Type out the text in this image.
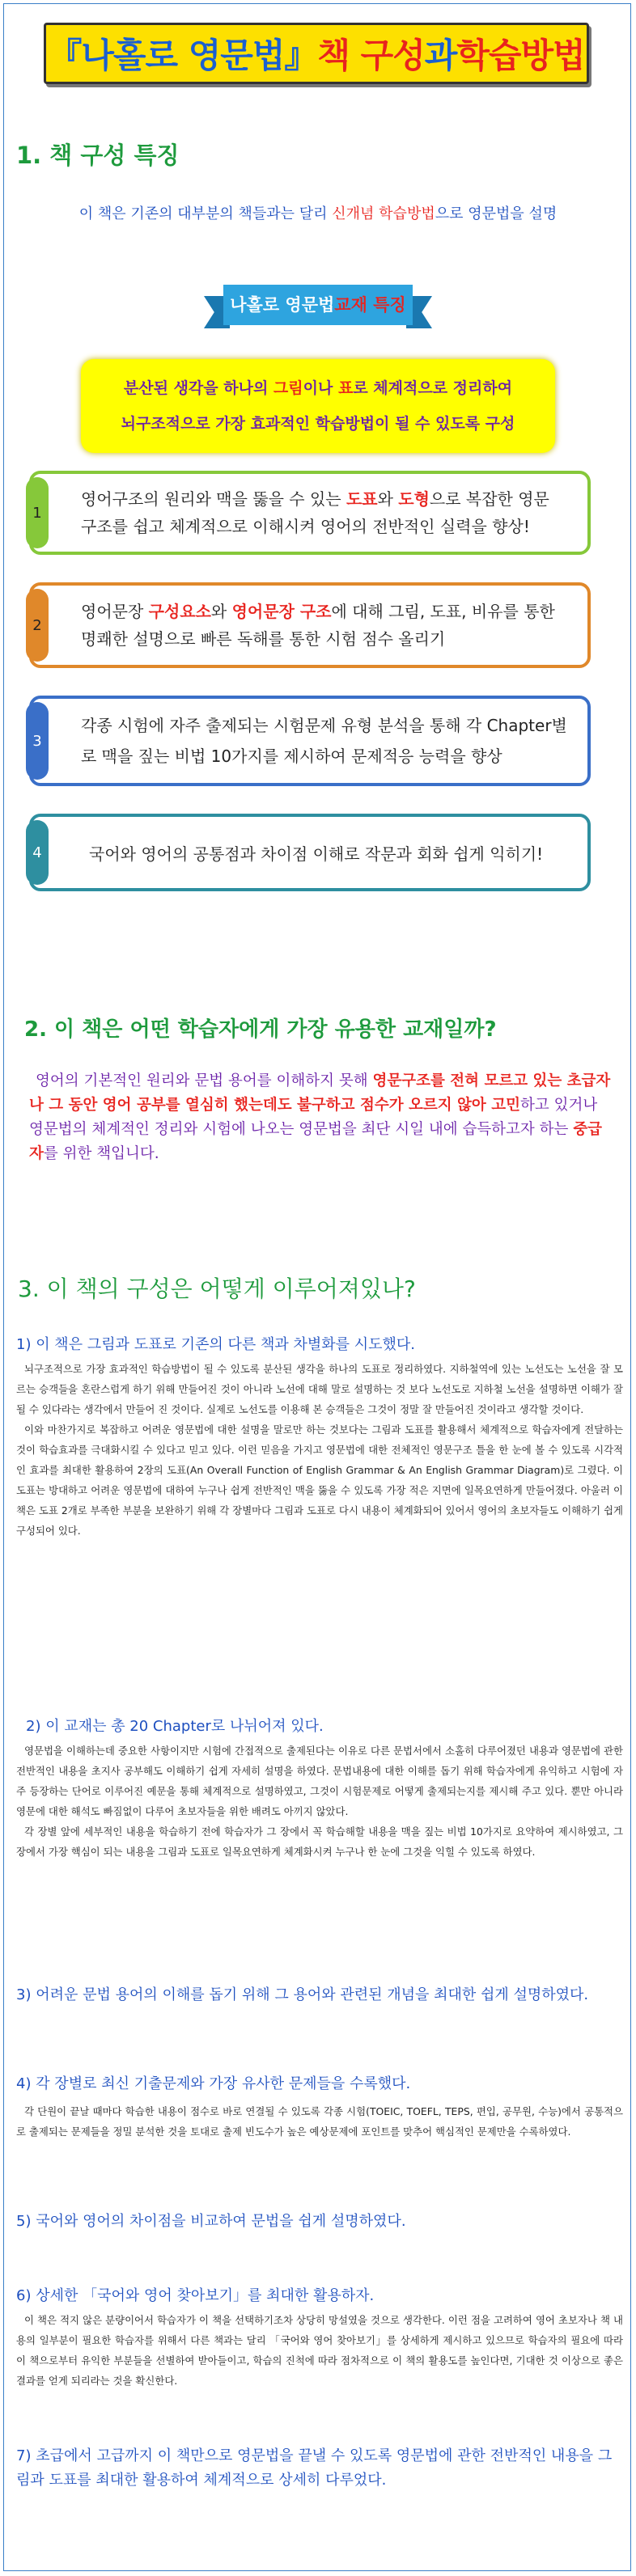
『나홀로 영문법』 책 구성 과 학습방법
1. 책 구성 특징
이 책은 기존의 대부분의 책들과는 달리 신개념 학습방법으로 영문법을 설명
나홀로 영문법 교재 특징
분산된 생각을 하나의 그림이나 표로 체계적으로 정리하여
뇌구조적으로 가장 효과적인 학습방법이 될 수 있도록 구성
영어구조의 원리와 맥을 뚫을 수 있는 도표와 도형으로 복잡한 영문 구조를 쉽고 체계적으로 이해시켜 영어의 전반적인 실력을 향상!
1
영어문장 구성요소와 영어문장 구조에 대해 그림, 도표, 비유를 통한 명쾌한 설명으로 빠른 독해를 통한 시험 점수 올리기
2
각종 시험에 자주 출제되는 시험문제 유형 분석을 통해 각 Chapter별로 맥을 짚는 비법 10가지를 제시하여 문제적응 능력을 향상
3
국어와 영어의 공통점과 차이점 이해로 작문과 회화 쉽게 익히기!
4
2. 이 책은 어떤 학습자에게 가장 유용한 교재일까?
영어의 기본적인 원리와 문법 용어를 이해하지 못해 영문구조를 전혀 모르고 있는 초급자나 그 동안 영어 공부를 열심히 했는데도 불구하고 점수가 오르지 않아 고민하고 있거나 영문법의 체계적인 정리와 시험에 나오는 영문법을 최단 시일 내에 습득하고자 하는 중급자를 위한 책입니다.
3. 이 책의 구성은 어떻게 이루어져있나?
1) 이 책은 그림과 도표로 기존의 다른 책과 차별화를 시도했다.

뇌구조적으로 가장 효과적인 학습방법이 될 수 있도록 분산된 생각을 하나의 도표로 정리하였다. 지하철역에 있는 노선도는 노선을 잘 모르는 승객들을 혼란스럽게 하기 위해 만들어진 것이 아니라 노선에 대해 말로 설명하는 것 보다 노선도로 지하철 노선을 설명하면 이해가 잘 될 수 있다라는 생각에서 만들어 진 것이다. 실제로 노선도를 이용해 본 승객들은 그것이 정말 잘 만들어진 것이라고 생각할 것이다.

이와 마찬가지로 복잡하고 어려운 영문법에 대한 설명을 말로만 하는 것보다는 그림과 도표를 활용해서 체계적으로 학습자에게 전달하는 것이 학습효과를 극대화시킬 수 있다고 믿고 있다. 이런 믿음을 가지고 영문법에 대한 전체적인 영문구조 틀을 한 눈에 볼 수 있도록 시각적인 효과를 최대한 활용하여 2장의 도표(An Overall Function of English Grammar & An English Grammar Diagram)로 그렸다. 이 도표는 방대하고 어려운 영문법에 대하여 누구나 쉽게 전반적인 맥을 뚫을 수 있도록 가장 적은 지면에 일목요연하게 만들어졌다. 아울러 이 책은 도표 2개로 부족한 부분을 보완하기 위해 각 장별마다 그림과 도표로 다시 내용이 체계화되어 있어서 영어의 초보자들도 이해하기 쉽게 구성되어 있다.

2) 이 교재는 총 20 Chapter로 나뉘어져 있다.

영문법을 이해하는데 중요한 사항이지만 시험에 간접적으로 출제된다는 이유로 다른 문법서에서 소홀히 다루어졌던 내용과 영문법에 관한 전반적인 내용을 초지사 공부해도 이해하기 쉽게 자세히 설명을 하였다. 문법내용에 대한 이해를 돕기 위해 학습자에게 유익하고 시험에 자주 등장하는 단어로 이루어진 예문을 통해 체계적으로 설명하였고, 그것이 시험문제로 어떻게 출제되는지를 제시해 주고 있다. 뿐만 아니라 영문에 대한 해석도 빠짐없이 다루어 초보자들을 위한 배려도 아끼지 않았다.

각 장별 앞에 세부적인 내용을 학습하기 전에 학습자가 그 장에서 꼭 학습해할 내용을 맥을 짚는 비법 10가지로 요약하여 제시하였고, 그 장에서 가장 핵심이 되는 내용을 그림과 도표로 일목요연하게 체계화시켜 누구나 한 눈에 그것을 익힐 수 있도록 하였다.

3) 어려운 문법 용어의 이해를 돕기 위해 그 용어와 관련된 개념을 최대한 쉽게 설명하였다.
4) 각 장별로 최신 기출문제와 가장 유사한 문제들을 수록했다.

각 단원이 끝날 때마다 학습한 내용이 점수로 바로 연결될 수 있도록 각종 시험(TOEIC, TOEFL, TEPS, 편입, 공무원, 수능)에서 공통적으로 출제되는 문제들을 정밀 분석한 것을 토대로 출제 빈도수가 높은 예상문제에 포인트를 맞추어 핵심적인 문제만을 수록하였다.

5) 국어와 영어의 차이점을 비교하여 문법을 쉽게 설명하였다.
6) 상세한 「국어와 영어 찾아보기」를 최대한 활용하자.

이 책은 적지 않은 분량이어서 학습자가 이 책을 선택하기조차 상당히 망설였을 것으로 생각한다. 이런 점을 고려하여 영어 초보자나 책 내용의 일부분이 필요한 학습자를 위해서 다른 책과는 달리 「국어와 영어 찾아보기」를 상세하게 제시하고 있으므로 학습자의 필요에 따라 이 책으로부터 유익한 부분들을 선별하여 받아들이고, 학습의 진척에 따라 점차적으로 이 책의 활용도를 높인다면, 기대한 것 이상으로 좋은 결과를 얻게 되리라는 것을 확신한다.

7) 초급에서 고급까지 이 책만으로 영문법을 끝낼 수 있도록 영문법에 관한 전반적인 내용을 그림과 도표를 최대한 활용하여 체계적으로 상세히 다루었다.
